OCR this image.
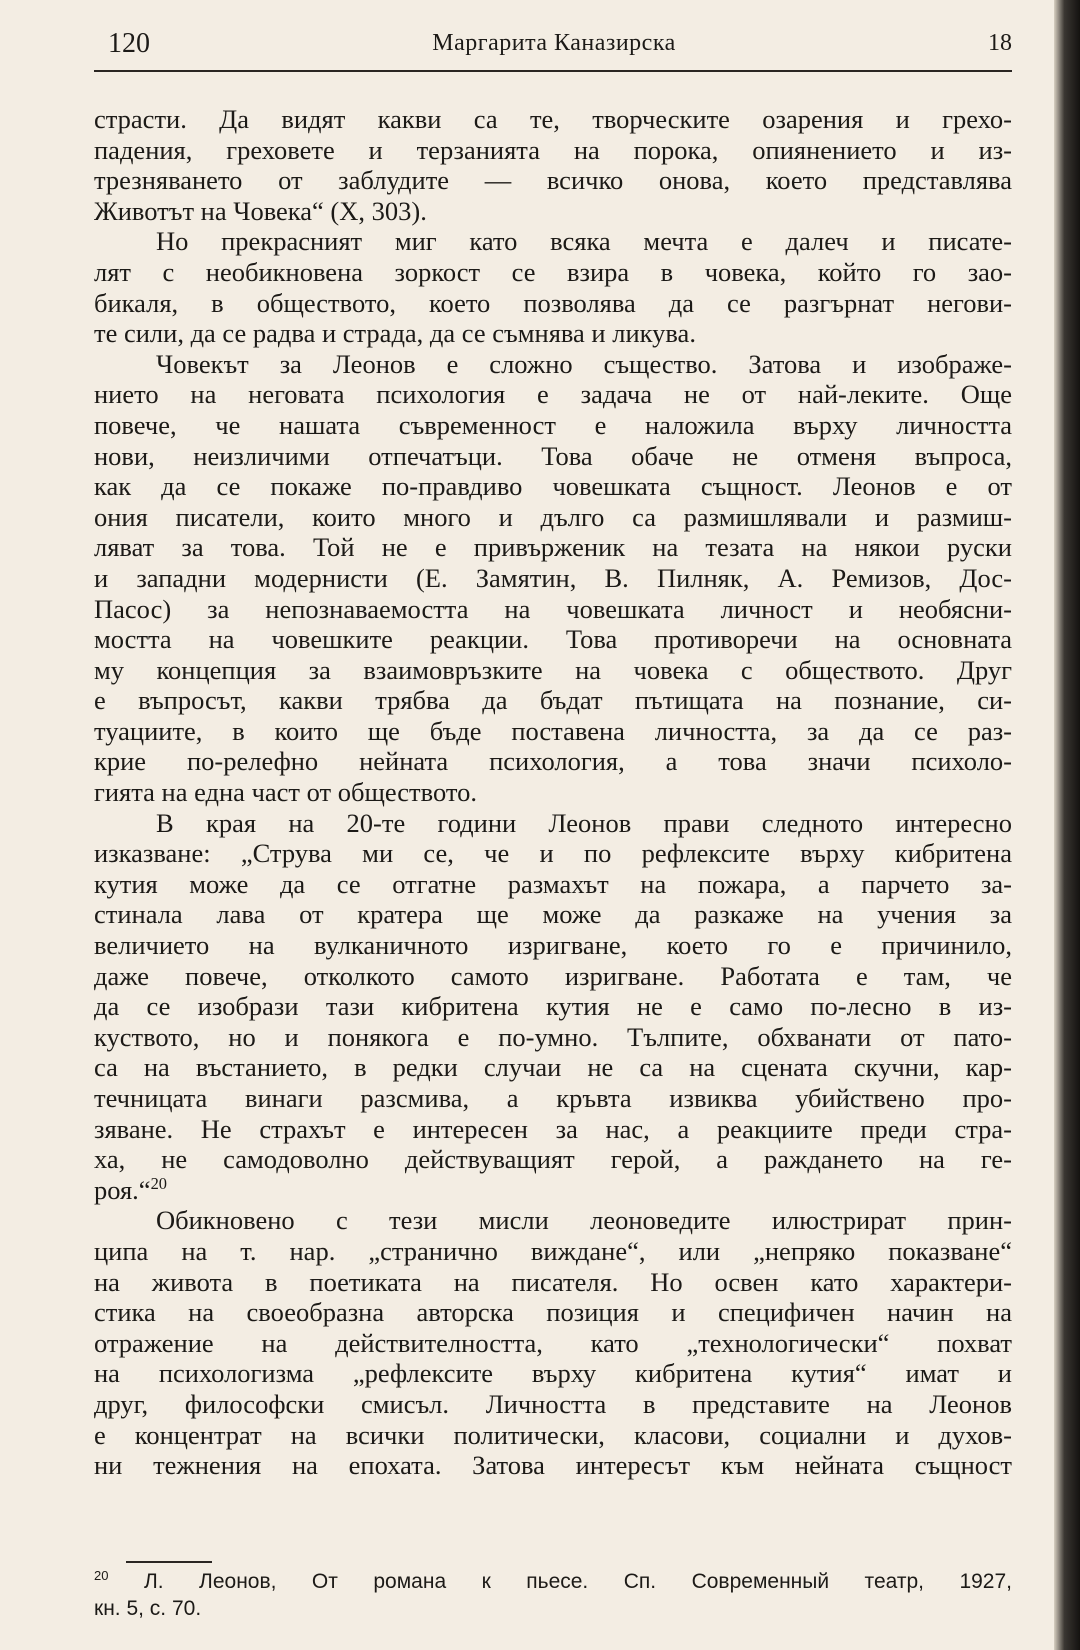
120	Маргарита Каназирска	18

страсти. Да видят какви са те, творческите озарения и грехо-
падения, греховете и терзанията на порока, опиянението и из-
трезняването от заблудите — всичко онова, което представлява
Животът на Човека“ (X, 303).

Но прекрасният миг като всяка мечта е далеч и писате-
лят с необикновена зоркост се взира в човека, който го зао-
бикаля, в обществото, което позволява да се разгърнат негови-
те сили, да се радва и страда, да се съмнява и ликува.

Човекът за Леонов е сложно същество. Затова и изображе-
нието на неговата психология е задача не от най-леките. Още
повече, че нашата съвременност е наложила върху личността
нови, неизличими отпечатъци. Това обаче не отменя въпроса,
как да се покаже по-правдиво човешката същност. Леонов е от
ония писатели, които много и дълго са размишлявали и размиш-
ляват за това. Той не е привърженик на тезата на някои руски
и западни модернисти (Е. Замятин, В. Пилняк, А. Ремизов, Дос-
Пасос) за непознаваемостта на човешката личност и необясни-
мостта на човешките реакции. Това противоречи на основната
му концепция за взаимовръзките на човека с обществото. Друг
е въпросът, какви трябва да бъдат пътищата на познание, си-
туациите, в които ще бъде поставена личността, за да се раз-
крие по-релефно нейната психология, а това значи психоло-
гията на една част от обществото.

В края на 20-те години Леонов прави следното интересно
изказване: „Струва ми се, че и по рефлексите върху кибритена
кутия може да се отгатне размахът на пожара, а парчето за-
стинала лава от кратера ще може да разкаже на учения за
величието на вулканичното изригване, което го е причинило,
даже повече, отколкото самото изригване. Работата е там, че
да се изобрази тази кибритена кутия не е само по-лесно в из-
куството, но и понякога е по-умно. Тълпите, обхванати от пато-
са на въстанието, в редки случаи не са на сцената скучни, кар-
течницата винаги разсмива, а кръвта извиква убийствено про-
зяване. Не страхът е интересен за нас, а реакциите преди стра-
ха, не самодоволно действуващият герой, а раждането на ге-
роя.“$^{20}$

Обикновено с тези мисли леоноведите илюстрират прин-
ципа на т. нар. „странично виждане“, или „непряко показване“
на живота в поетиката на писателя. Но освен като характери-
стика на своеобразна авторска позиция и специфичен начин на
отражение на действителността, като „технологически“ похват
на психологизма „рефлексите върху кибритена кутия“ имат и
друг, философски смисъл. Личността в представите на Леонов
е концентрат на всички политически, класови, социални и духов-
ни тежнения на епохата. Затова интересът към нейната същност

$^{20}$ Л. Леонов, От романа к пьесе. Сп. Современный театр, 1927,
кн. 5, с. 70.
